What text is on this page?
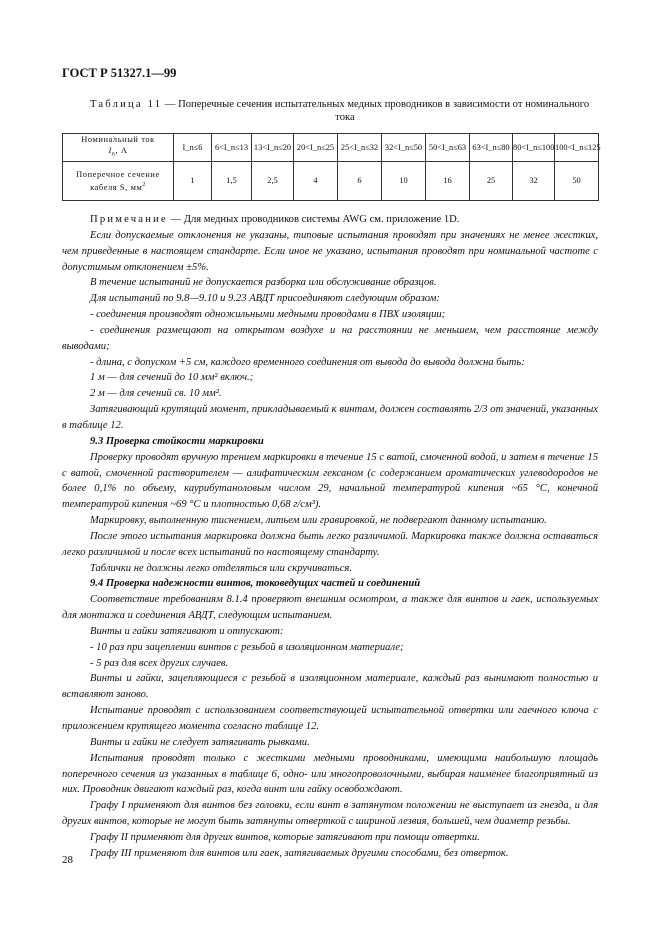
ГОСТ Р 51327.1—99
Таблица 11 — Поперечные сечения испытательных медных проводников в зависимости от номинального
тока
Номинальный ток
$I_n$, А	I_n≤6	6<I_n≤13	13<I_n≤20	20<I_n≤25	25<I_n≤32	32<I_n≤50	50<I_n≤63	63<I_n≤80	80<I_n≤100	100<I_n≤125
Поперечное сечение
кабеля S, $мм^2$	1	1,5	2,5	4	6	10	16	25	32	50

Примечание — Для медных проводников системы AWG см. приложение 1D.

Если допускаемые отклонения не указаны, типовые испытания проводят при значениях не менее жестких, чем приведенные в настоящем стандарте. Если иное не указано, испытания проводят при номинальной частоте с допустимым отклонением ±5%.

В течение испытаний не допускается разборка или обслуживание образцов.

Для испытаний по 9.8—9.10 и 9.23 АВДТ присоединяют следующим образом:

- соединения производят одножильными медными проводами в ПВХ изоляции;

- соединения размещают на открытом воздухе и на расстоянии не меньшем, чем расстояние между выводами;

- длина, с допуском +5 см, каждого временного соединения от вывода до вывода должна быть:

1 м — для сечений до 10 мм² включ.;

2 м — для сечений св. 10 мм².

Затягивающий крутящий момент, прикладываемый к винтам, должен составлять 2/3 от значений, указанных в таблице 12.

9.3 Проверка стойкости маркировки

Проверку проводят вручную трением маркировки в течение 15 с ватой, смоченной водой, и затем в течение 15 с ватой, смоченной растворителем — алифатическим гексаном (с содержанием ароматических углеводородов не более 0,1% по объему, каурибутаноловым числом 29, начальной температурой кипения ~65 °С, конечной температурой кипения ~69 °С и плотностью 0,68 г/см³).

Маркировку, выполненную тиснением, литьем или гравировкой, не подвергают данному испытанию.

После этого испытания маркировка должна быть легко различимой. Маркировка также должна оставаться легко различимой и после всех испытаний по настоящему стандарту.

Таблички не должны легко отделяться или скручиваться.

9.4 Проверка надежности винтов, токоведущих частей и соединений

Соответствие требованиям 8.1.4 проверяют внешним осмотром, а также для винтов и гаек, используемых для монтажа и соединения АВДТ, следующим испытанием.

Винты и гайки затягивают и отпускают:

- 10 раз при зацеплении винтов с резьбой в изоляционном материале;

- 5 раз для всех других случаев.

Винты и гайки, зацепляющиеся с резьбой в изоляционном материале, каждый раз вынимают полностью и вставляют заново.

Испытание проводят с использованием соответствующей испытательной отвертки или гаечного ключа с приложением крутящего момента согласно таблице 12.

Винты и гайки не следует затягивать рывками.

Испытания проводят только с жесткими медными проводниками, имеющими наибольшую площадь поперечного сечения из указанных в таблице 6, одно- или многопроволочными, выбирая наименее благоприятный из них. Проводник двигают каждый раз, когда винт или гайку освобождают.

Графу I применяют для винтов без головки, если винт в затянутом положении не выступает из гнезда, и для других винтов, которые не могут быть затянуты отверткой с шириной лезвия, большей, чем диаметр резьбы.

Графу II применяют для других винтов, которые затягивают при помощи отвертки.

Графу III применяют для винтов или гаек, затягиваемых другими способами, без отверток.

28
